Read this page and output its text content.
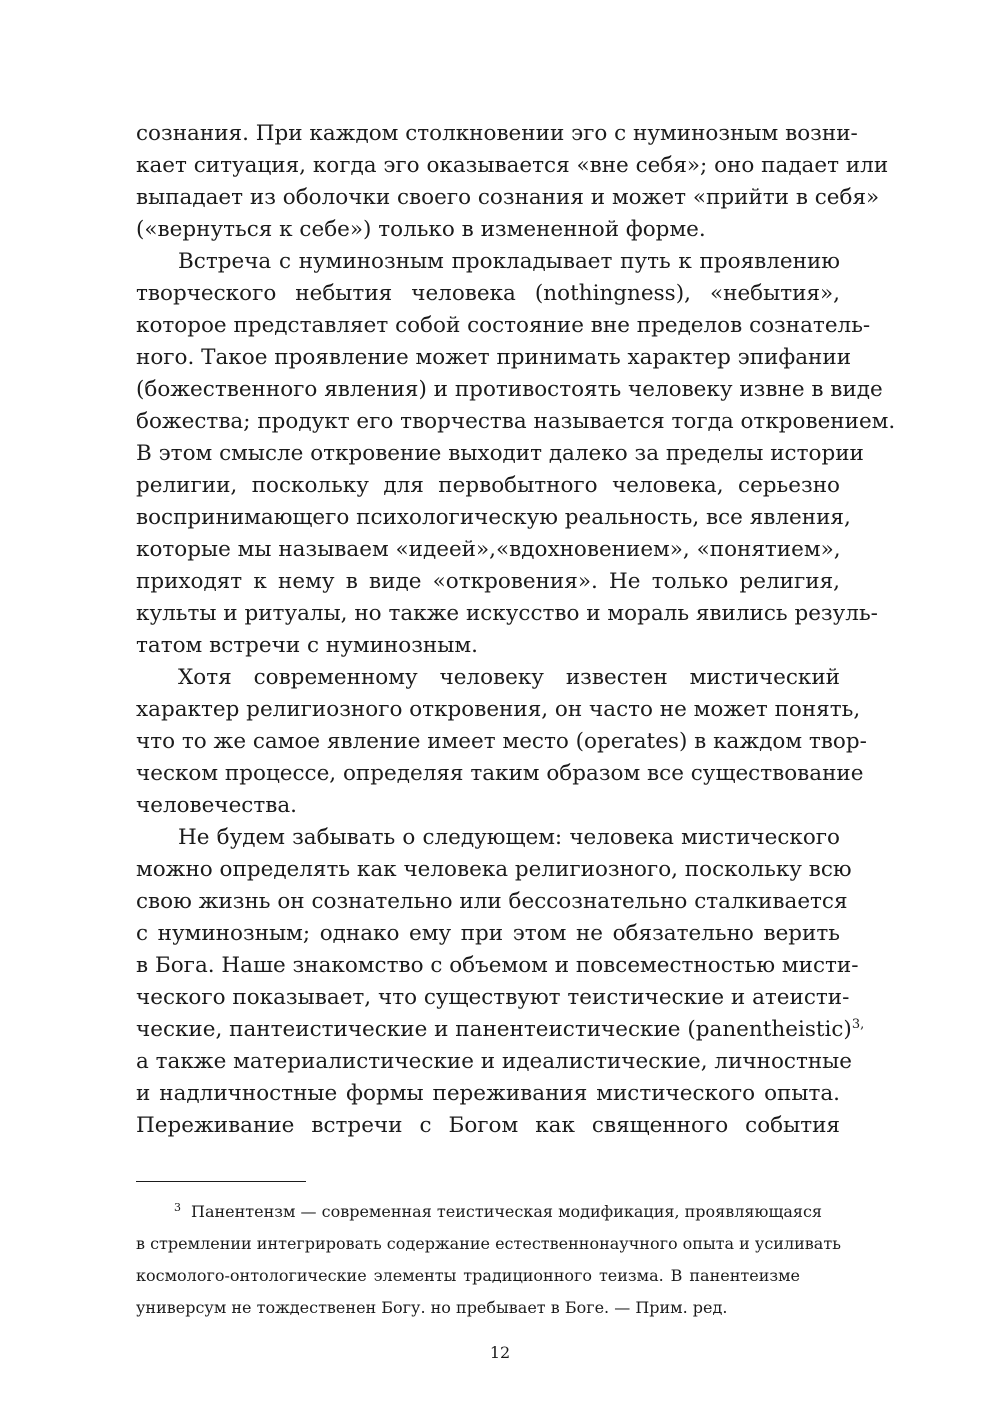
сознания. При каждом столкновении эго с нуминозным возни-

кает ситуация, когда эго оказывается «вне себя»; оно падает или

выпадает из оболочки своего сознания и может «прийти в себя»

(«вернуться к себе») только в измененной форме.

Встреча с нуминозным прокладывает путь к проявлению

творческого небытия человека (nothingness), «небытия»,

которое представляет собой состояние вне пределов сознатель-

ного. Такое проявление может принимать характер эпифании

(божественного явления) и противостоять человеку извне в виде

божества; продукт его творчества называется тогда откровением.

В этом смысле откровение выходит далеко за пределы истории

религии, поскольку для первобытного человека, серьезно

воспринимающего психологическую реальность, все явления,

которые мы называем «идеей»,«вдохновением», «понятием»,

приходят к нему в виде «откровения». Не только религия,

культы и ритуалы, но также искусство и мораль явились резуль-

татом встречи с нуминозным.

Хотя современному человеку известен мистический

характер религиозного откровения, он часто не может понять,

что то же самое явление имеет место (operates) в каждом твор-

ческом процессе, определяя таким образом все существование

человечества.

Не будем забывать о следующем: человека мистического

можно определять как человека религиозного, поскольку всю

свою жизнь он сознательно или бессознательно сталкивается

с нуминозным; однако ему при этом не обязательно верить

в Бога. Наше знакомство с объемом и повсеместностью мисти-

ческого показывает, что существуют теистические и атеисти-

ческие, пантеистические и панентеистические (panentheistic)$^{3,}$

а также материалистические и идеалистические, личностные

и надличностные формы переживания мистического опыта.

Переживание встречи с Богом как священного события

3 Панентензм — современная теистическая модификация, проявляющаяся

в стремлении интегрировать содержание естественнонаучного опыта и усиливать

космолого-онтологические элементы традиционного теизма. В панентеизме

универсум не тождественен Богу. но пребывает в Боге. — Прим. ред.

12
